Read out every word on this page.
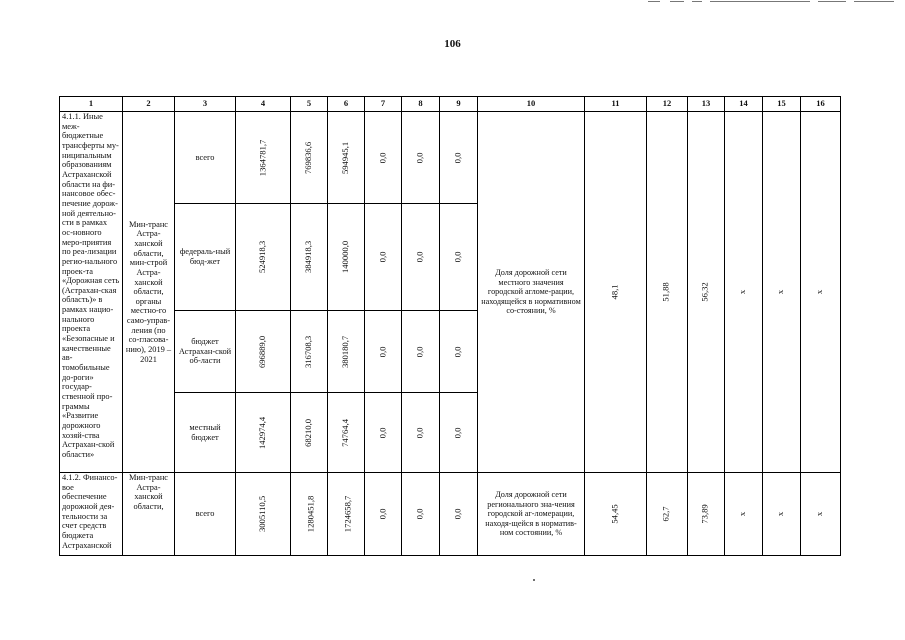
106
1	2	3	4	5	6	7	8	9	10	11	12	13	14	15	16
4.1.1. Иные меж-бюджетные трансферты му-ниципальным образованиям Астраханской области на фи-нансовое обес-печение дорож-ной деятельно-сти в рамках ос-новного меро-приятия по реа-лизации регио-нального проек-та «Дорожная сеть (Астрахан-ская область)» в рамках нацио-нального проекта «Безопасные и качественные ав-томобильные до-роги» государ-ственной про-граммы «Развитие дорожного хозяй-ства Астрахан-ской области»	Мин-транс Астра-ханской области, мин-строй Астра-ханской области, органы местно-го само-управ-ления (по со-гласова-нию), 2019 – 2021	всего	1364781,7	769836,6	594945,1	0,0	0,0	0,0	Доля дорожной сети местного значения городской агломе-рации, находящейся в нормативном со-стоянии, %	48,1	51,88	56,32	х	х	х
		федераль-ный бюд-жет	524918,3	384918,3	140000,0	0,0	0,0	0,0							
		бюджет Астрахан-ской об-ласти	696889,0	316708,3	380180,7	0,0	0,0	0,0							
		местный бюджет	142974,4	68210,0	74764,4	0,0	0,0	0,0							
4.1.2. Финансо-вое обеспечение дорожной дея-тельности за счет средств бюджета Астраханской	Мин-транс Астра-ханской области,	всего	3005110,5	1280451,8	1724658,7	0,0	0,0	0,0	Доля дорожной сети регионального зна-чения городской аг-ломерации, находя-щейся в норматив-ном состоянии, %	54,45	62,7	73,89	х	х	х
